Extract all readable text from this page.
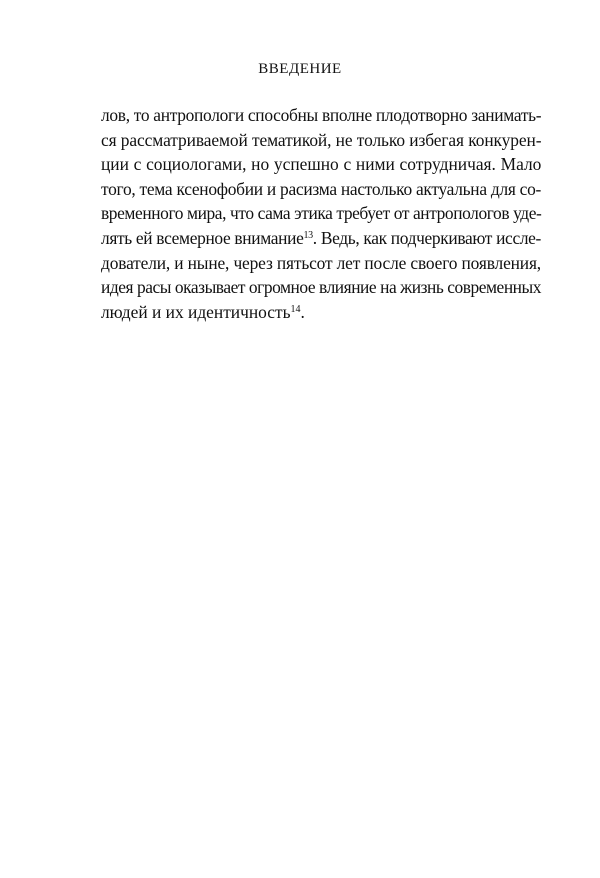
ВВЕДЕНИЕ
лов, то антропологи способны вполне плодотворно занимать-
ся рассматриваемой тематикой, не только избегая конкурен-
ции с социологами, но успешно с ними сотрудничая. Мало
того, тема ксенофобии и расизма настолько актуальна для со-
временного мира, что сама этика требует от антропологов уде-
лять ей всемерное внимание$^{13}$. Ведь, как подчеркивают иссле-
дователи, и ныне, через пятьсот лет после своего появления,
идея расы оказывает огромное влияние на жизнь современных
людей и их идентичность$^{14}$.
